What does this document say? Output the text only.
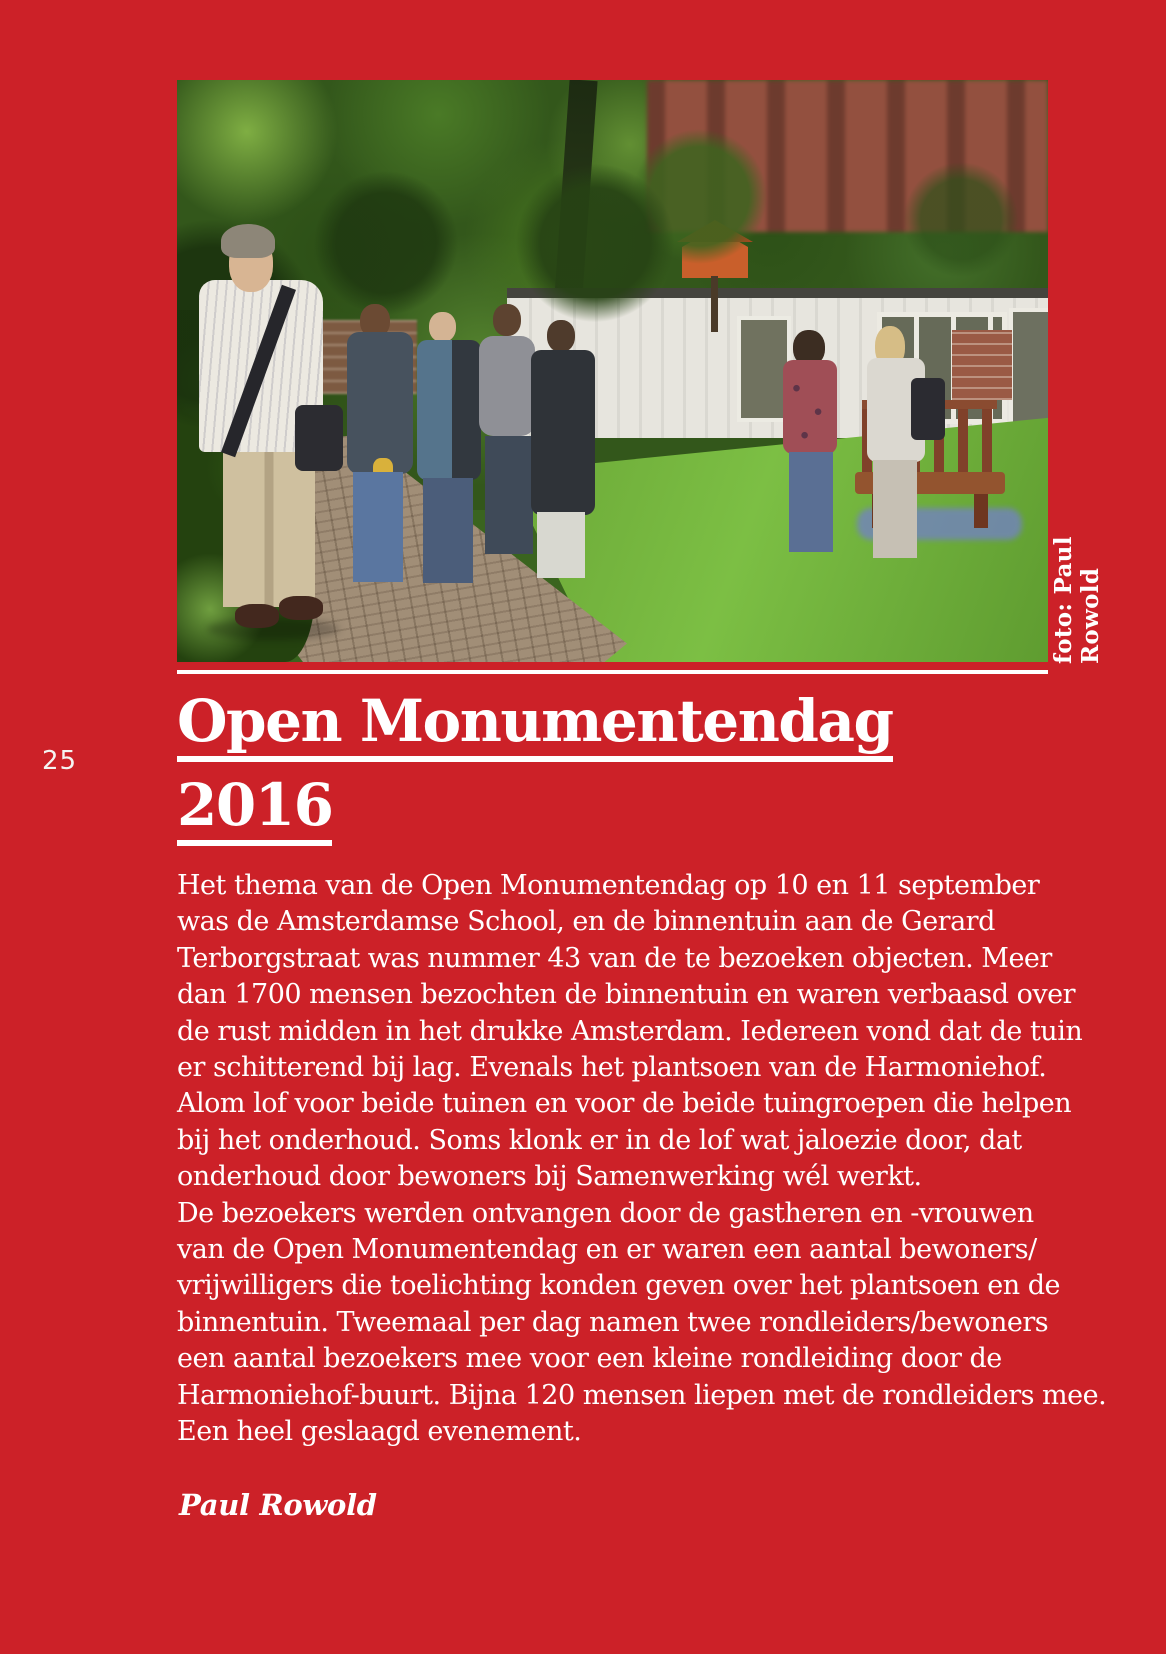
25
foto: Paul Rowold
Open Monumentendag
2016
Het thema van de Open Monumentendag op 10 en 11 september
was de Amsterdamse School, en de binnentuin aan de Gerard
Terborgstraat was nummer 43 van de te bezoeken objecten. Meer
dan 1700 mensen bezochten de binnentuin en waren verbaasd over
de rust midden in het drukke Amsterdam. Iedereen vond dat de tuin
er schitterend bij lag. Evenals het plantsoen van de Harmoniehof.
Alom lof voor beide tuinen en voor de beide tuingroepen die helpen
bij het onderhoud. Soms klonk er in de lof wat jaloezie door, dat
onderhoud door bewoners bij Samenwerking wél werkt.
De bezoekers werden ontvangen door de gastheren en -vrouwen
van de Open Monumentendag en er waren een aantal bewoners/
vrijwilligers die toelichting konden geven over het plantsoen en de
binnentuin. Tweemaal per dag namen twee rondleiders/bewoners
een aantal bezoekers mee voor een kleine rondleiding door de
Harmoniehof-buurt. Bijna 120 mensen liepen met de rondleiders mee.
Een heel geslaagd evenement.
Paul Rowold
